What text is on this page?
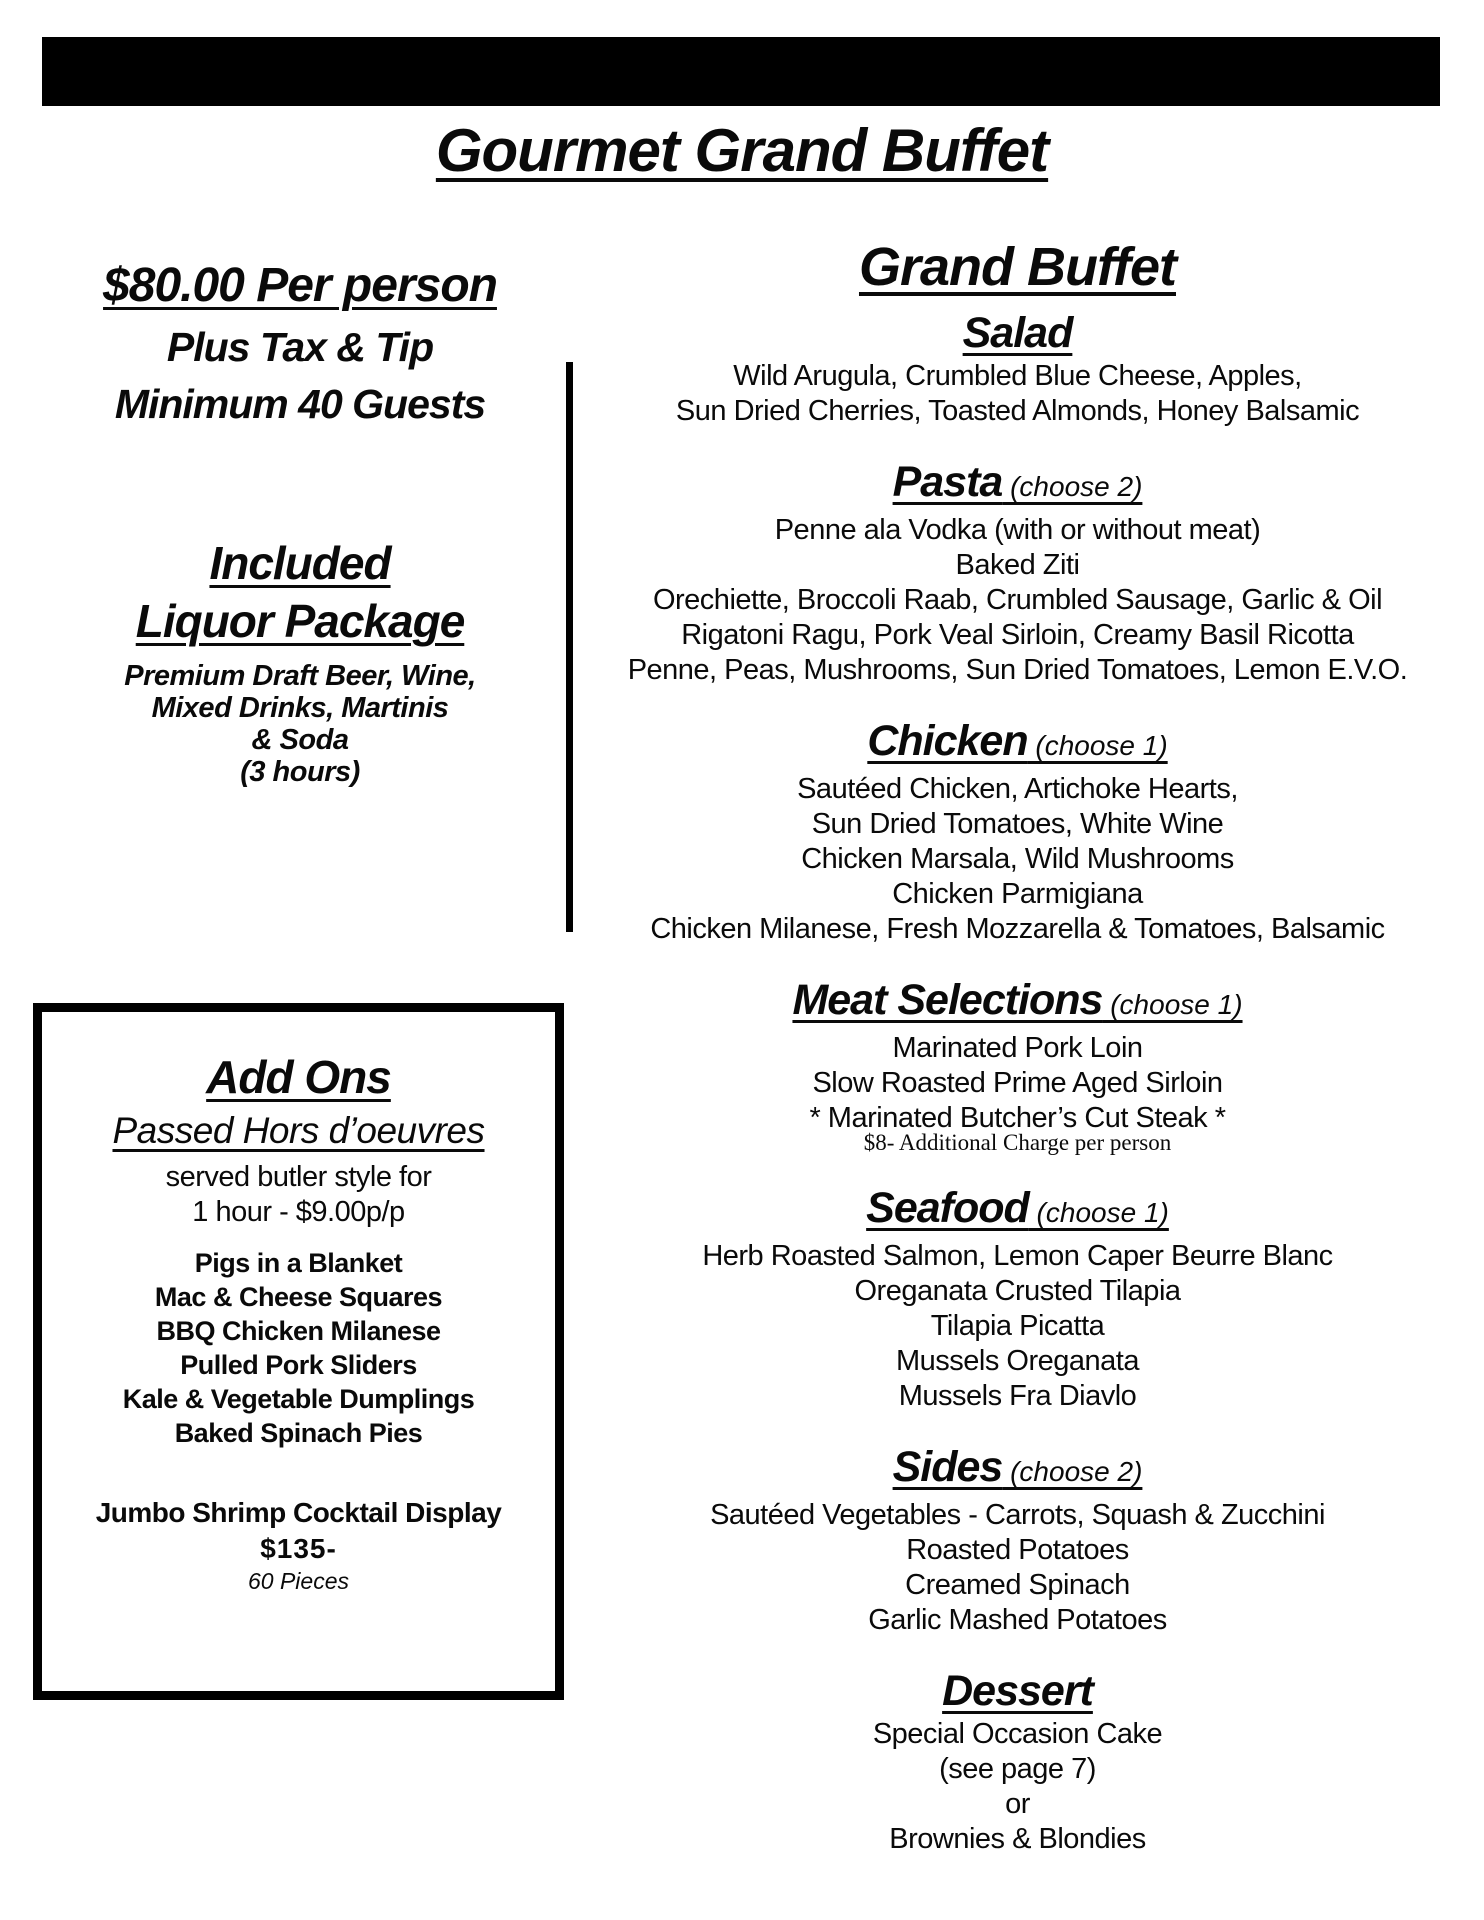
Gourmet Grand Buffet
$80.00 Per person
Plus Tax & Tip
Minimum 40 Guests
Included
Liquor Package
Premium Draft Beer, Wine,
Mixed Drinks, Martinis
& Soda
(3 hours)
Add Ons
Passed Hors d’oeuvres
served butler style for
1 hour - $9.00p/p
Pigs in a Blanket
Mac & Cheese Squares
BBQ Chicken Milanese
Pulled Pork Sliders
Kale & Vegetable Dumplings
Baked Spinach Pies
Jumbo Shrimp Cocktail Display
$135-
60 Pieces
Grand Buffet
Salad
Wild Arugula, Crumbled Blue Cheese, Apples,
Sun Dried Cherries, Toasted Almonds, Honey Balsamic
Pasta (choose 2)
Penne ala Vodka (with or without meat)
Baked Ziti
Orechiette, Broccoli Raab, Crumbled Sausage, Garlic & Oil
Rigatoni Ragu, Pork Veal Sirloin, Creamy Basil Ricotta
Penne, Peas, Mushrooms, Sun Dried Tomatoes, Lemon E.V.O.
Chicken (choose 1)
Sautéed Chicken, Artichoke Hearts,
Sun Dried Tomatoes, White Wine
Chicken Marsala, Wild Mushrooms
Chicken Parmigiana
Chicken Milanese, Fresh Mozzarella & Tomatoes, Balsamic
Meat Selections (choose 1)
Marinated Pork Loin
Slow Roasted Prime Aged Sirloin
* Marinated Butcher’s Cut Steak *
$8- Additional Charge per person
Seafood (choose 1)
Herb Roasted Salmon, Lemon Caper Beurre Blanc
Oreganata Crusted Tilapia
Tilapia Picatta
Mussels Oreganata
Mussels Fra Diavlo
Sides (choose 2)
Sautéed Vegetables - Carrots, Squash & Zucchini
Roasted Potatoes
Creamed Spinach
Garlic Mashed Potatoes
Dessert
Special Occasion Cake
(see page 7)
or
Brownies & Blondies
